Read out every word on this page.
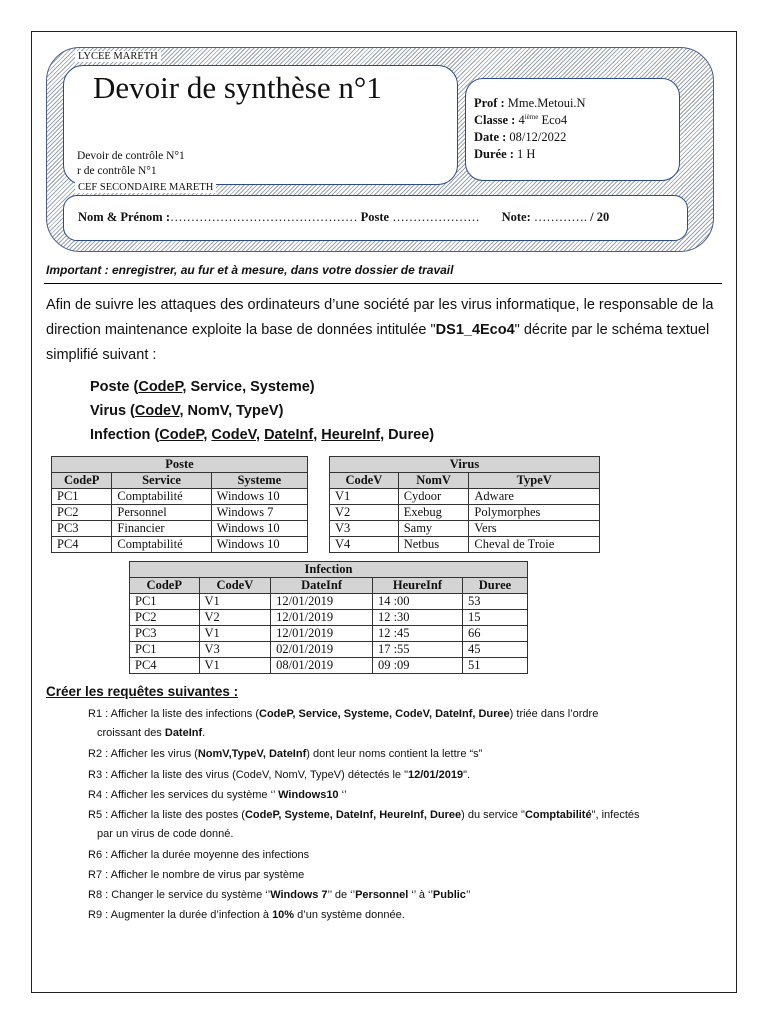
LYCEE MARETH
Devoir de synthèse n°1
Devoir de contrôle N°1
r de contrôle N°1
CEF SECONDAIRE MARETH
Prof : Mme.Metoui.N
Classe : 4ième Eco4
Date : 08/12/2022
Durée : 1 H
Nom & Prénom :……………………………………… Poste ………………… Note: …………. / 20
Important : enregistrer, au fur et à mesure, dans votre dossier de travail
Afin de suivre les attaques des ordinateurs d’une société par les virus informatique, le responsable de la direction maintenance exploite la base de données intitulée "DS1_4Eco4" décrite par le schéma textuel simplifié suivant :
Poste (CodeP, Service, Systeme)
Virus (CodeV, NomV, TypeV)
Infection (CodeP, CodeV, DateInf, HeureInf, Duree)
Poste		
CodeP	Service	Systeme
PC1	Comptabilité	Windows 10
PC2	Personnel	Windows 7
PC3	Financier	Windows 10
PC4	Comptabilité	Windows 10
Virus		
CodeV	NomV	TypeV
V1	Cydoor	Adware
V2	Exebug	Polymorphes
V3	Samy	Vers
V4	Netbus	Cheval de Troie
Infection				
CodeP	CodeV	DateInf	HeureInf	Duree
PC1	V1	12/01/2019	14 :00	53
PC2	V2	12/01/2019	12 :30	15
PC3	V1	12/01/2019	12 :45	66
PC1	V3	02/01/2019	17 :55	45
PC4	V1	08/01/2019	09 :09	51
Créer les requêtes suivantes :
R1 : Afficher la liste des infections (CodeP, Service, Systeme, CodeV, DateInf, Duree) triée dans l’ordre
croissant des DateInf.
R2 : Afficher les virus (NomV,TypeV, DateInf) dont leur noms contient la lettre “s”
R3 : Afficher la liste des virus (CodeV, NomV, TypeV) détectés le "12/01/2019".
R4 : Afficher les services du système ‘’ Windows10 ‘’
R5 : Afficher la liste des postes (CodeP, Systeme, DateInf, HeureInf, Duree) du service "Comptabilité", infectés
par un virus de code donné.
R6 : Afficher la durée moyenne des infections
R7 : Afficher le nombre de virus par système
R8 : Changer le service du système ‘’Windows 7’’ de ‘’Personnel ‘’ à ‘’Public’’
R9 : Augmenter la durée d’infection à 10% d’un système donnée.
